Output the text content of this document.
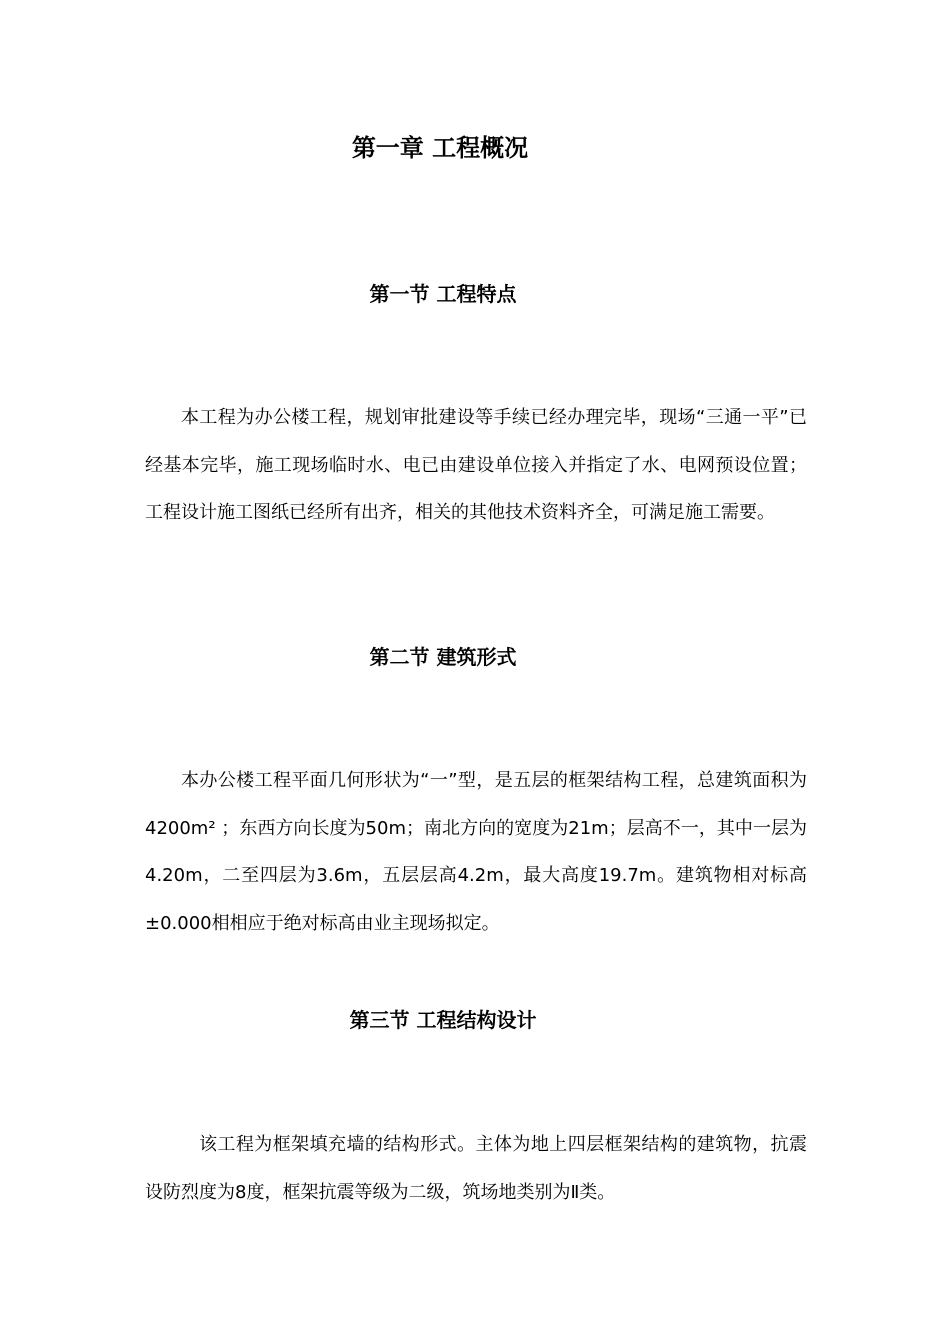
第一章 工程概况
第一节 工程特点

本工程为办公楼工程，规划审批建设等手续已经办理完毕，现场“三通一平”已经基本完毕，施工现场临时水、电已由建设单位接入并指定了水、电网预设位置；工程设计施工图纸已经所有出齐，相关的其他技术资料齐全，可满足施工需要。

第二节 建筑形式

本办公楼工程平面几何形状为“一”型，是五层的框架结构工程，总建筑面积为4200m² ；东西方向长度为50m；南北方向的宽度为21m；层高不一，其中一层为4.20m，二至四层为3.6m，五层层高4.2m，最大高度19.7m。建筑物相对标高±0.000相相应于绝对标高由业主现场拟定。

第三节 工程结构设计

该工程为框架填充墙的结构形式。主体为地上四层框架结构的建筑物，抗震设防烈度为8度，框架抗震等级为二级，筑场地类别为Ⅱ类。
